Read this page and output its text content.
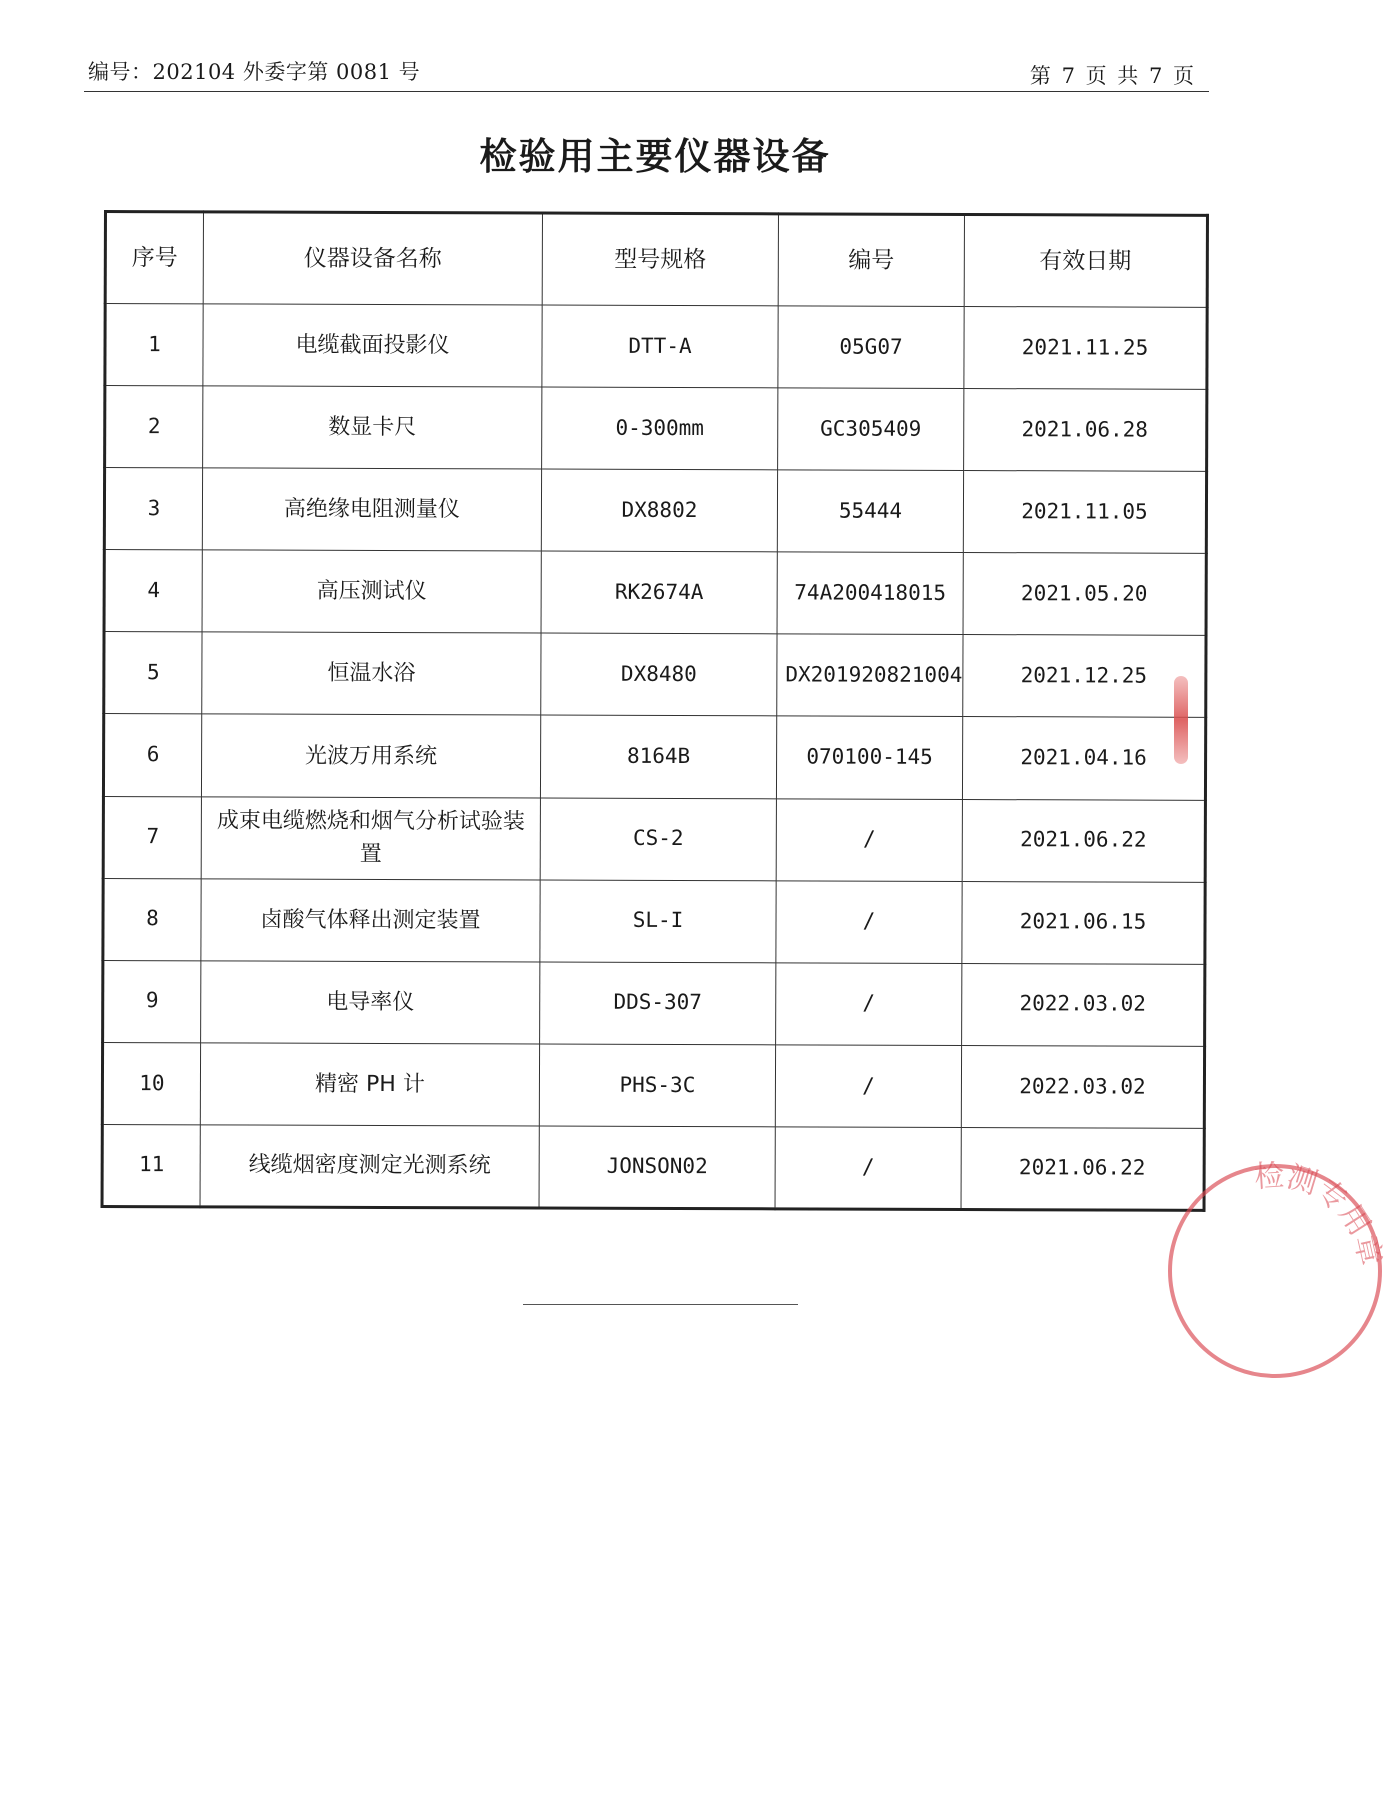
编号：202104 外委字第 0081 号	第 7 页 共 7 页
检验用主要仪器设备
序号	仪器设备名称	型号规格	编号	有效日期
1	电缆截面投影仪	DTT-A	05G07	2021.11.25
2	数显卡尺	0-300mm	GC305409	2021.06.28
3	高绝缘电阻测量仪	DX8802	55444	2021.11.05
4	高压测试仪	RK2674A	74A200418015	2021.05.20
5	恒温水浴	DX8480	DX201920821004	2021.12.25
6	光波万用系统	8164B	070100-145	2021.04.16
7	成束电缆燃烧和烟气分析试验装置	CS-2	/	2021.06.22
8	卤酸气体释出测定装置	SL-I	/	2021.06.15
9	电导率仪	DDS-307	/	2022.03.02
10	精密 PH 计	PHS-3C	/	2022.03.02
11	线缆烟密度测定光测系统	JONSON02	/	2021.06.22	检测专用章
